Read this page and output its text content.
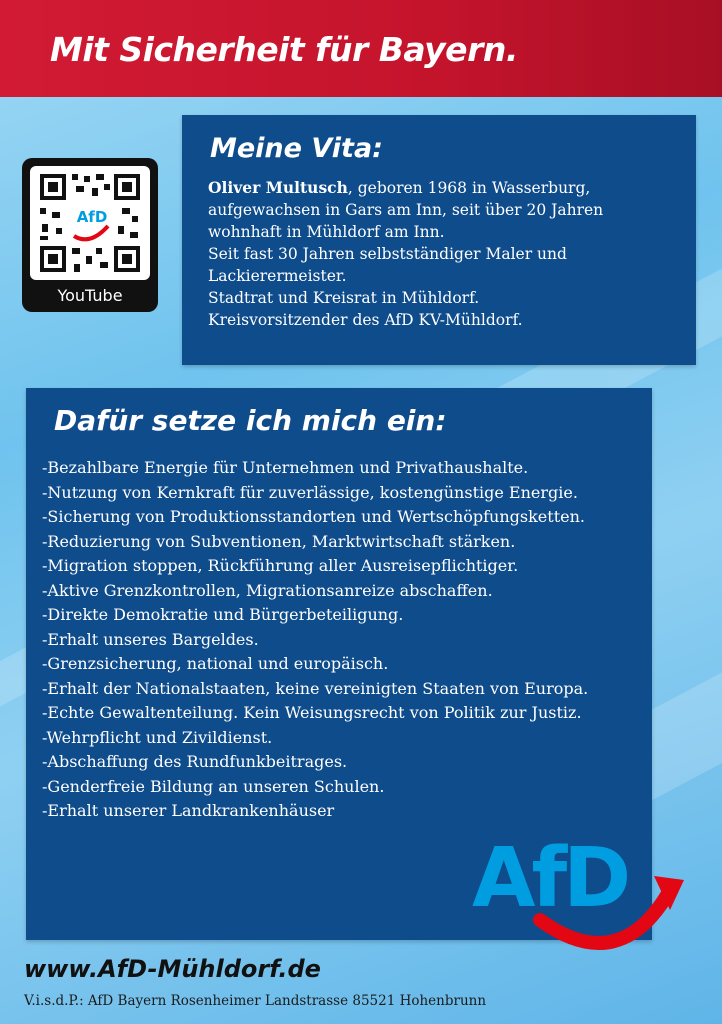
Mit Sicherheit für Bayern.
AfD
YouTube
Meine Vita:
Oliver Multusch, geboren 1968 in Wasserburg,
aufgewachsen in Gars am Inn, seit über 20 Jahren
wohnhaft in Mühldorf am Inn.
Seit fast 30 Jahren selbstständiger Maler und
Lackierermeister.
Stadtrat und Kreisrat in Mühldorf.
Kreisvorsitzender des AfD KV-Mühldorf.
Dafür setze ich mich ein:
-Bezahlbare Energie für Unternehmen und Privathaushalte.
-Nutzung von Kernkraft für zuverlässige, kostengünstige Energie.
-Sicherung von Produktionsstandorten und Wertschöpfungsketten.
-Reduzierung von Subventionen, Marktwirtschaft stärken.
-Migration stoppen, Rückführung aller Ausreisepflichtiger.
-Aktive Grenzkontrollen, Migrationsanreize abschaffen.
-Direkte Demokratie und Bürgerbeteiligung.
-Erhalt unseres Bargeldes.
-Grenzsicherung, national und europäisch.
-Erhalt der Nationalstaaten, keine vereinigten Staaten von Europa.
-Echte Gewaltenteilung. Kein Weisungsrecht von Politik zur Justiz.
-Wehrpflicht und Zivildienst.
-Abschaffung des Rundfunkbeitrages.
-Genderfreie Bildung an unseren Schulen.
-Erhalt unserer Landkrankenhäuser
AfD
www.AfD-Mühldorf.de
V.i.s.d.P.: AfD Bayern Rosenheimer Landstrasse 85521 Hohenbrunn
